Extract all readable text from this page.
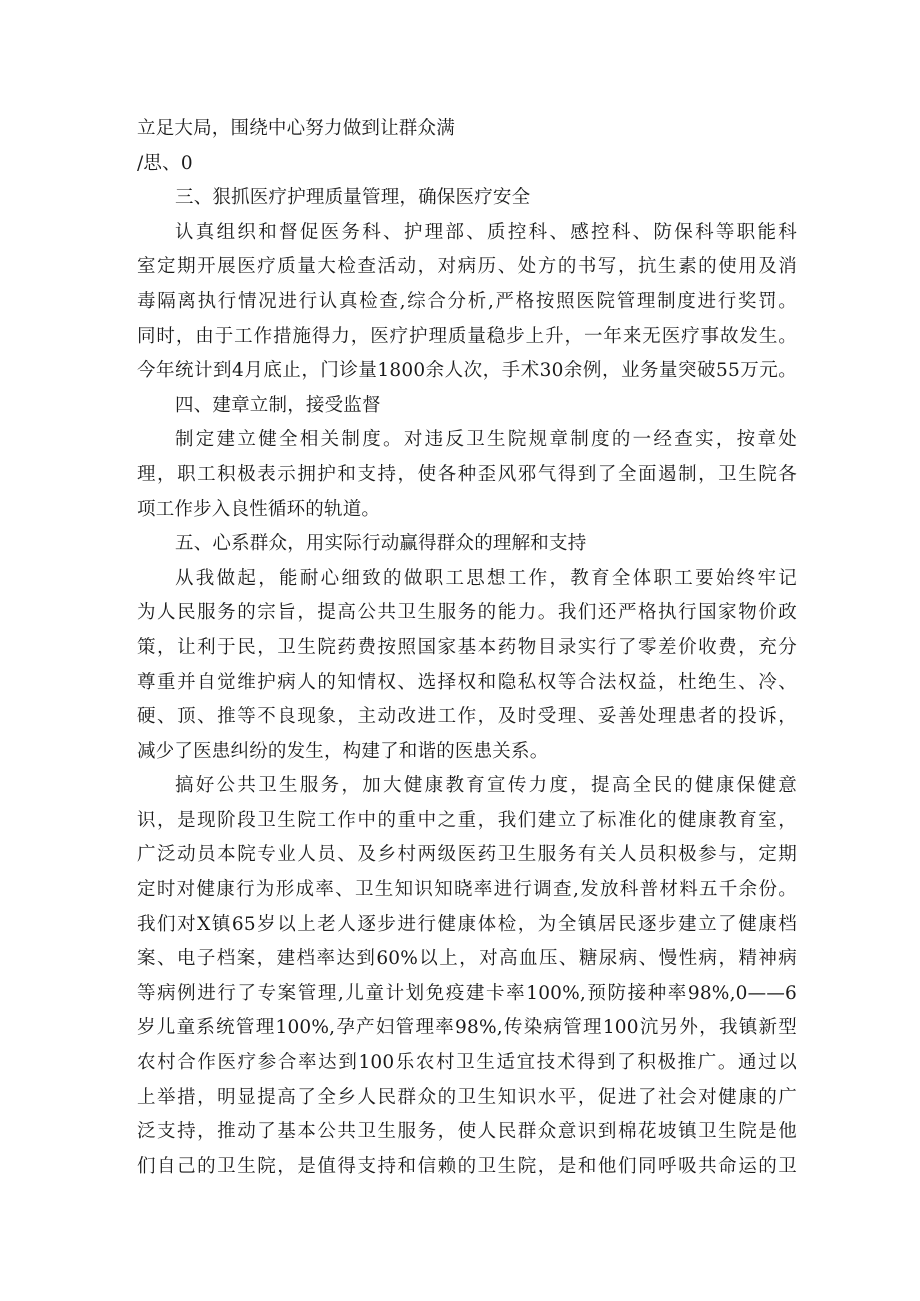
立足大局，围绕中心努力做到让群众满
/思、0
三、狠抓医疗护理质量管理，确保医疗安全
认真组织和督促医务科、护理部、质控科、感控科、防保科等职能科
室定期开展医疗质量大检查活动，对病历、处方的书写，抗生素的使用及消
毒隔离执行情况进行认真检查,综合分析,严格按照医院管理制度进行奖罚。
同时，由于工作措施得力，医疗护理质量稳步上升，一年来无医疗事故发生。
今年统计到4月底止，门诊量1800余人次，手术30余例，业务量突破55万元。
四、建章立制，接受监督
制定建立健全相关制度。对违反卫生院规章制度的一经查实，按章处
理，职工积极表示拥护和支持，使各种歪风邪气得到了全面遏制，卫生院各
项工作步入良性循环的轨道。
五、心系群众，用实际行动赢得群众的理解和支持
从我做起，能耐心细致的做职工思想工作，教育全体职工要始终牢记
为人民服务的宗旨，提高公共卫生服务的能力。我们还严格执行国家物价政
策，让利于民，卫生院药费按照国家基本药物目录实行了零差价收费，充分
尊重并自觉维护病人的知情权、选择权和隐私权等合法权益，杜绝生、冷、
硬、顶、推等不良现象，主动改进工作，及时受理、妥善处理患者的投诉，
减少了医患纠纷的发生，构建了和谐的医患关系。
搞好公共卫生服务，加大健康教育宣传力度，提高全民的健康保健意
识，是现阶段卫生院工作中的重中之重，我们建立了标准化的健康教育室，
广泛动员本院专业人员、及乡村两级医药卫生服务有关人员积极参与，定期
定时对健康行为形成率、卫生知识知晓率进行调查,发放科普材料五千余份。
我们对X镇65岁以上老人逐步进行健康体检，为全镇居民逐步建立了健康档
案、电子档案，建档率达到60%以上，对高血压、糖尿病、慢性病，精神病
等病例进行了专案管理,儿童计划免疫建卡率100%,预防接种率98%,0——6
岁儿童系统管理100%,孕产妇管理率98%,传染病管理100沆另外，我镇新型
农村合作医疗参合率达到100乐农村卫生适宜技术得到了积极推广。通过以
上举措，明显提高了全乡人民群众的卫生知识水平，促进了社会对健康的广
泛支持，推动了基本公共卫生服务，使人民群众意识到棉花坡镇卫生院是他
们自己的卫生院，是值得支持和信赖的卫生院，是和他们同呼吸共命运的卫
